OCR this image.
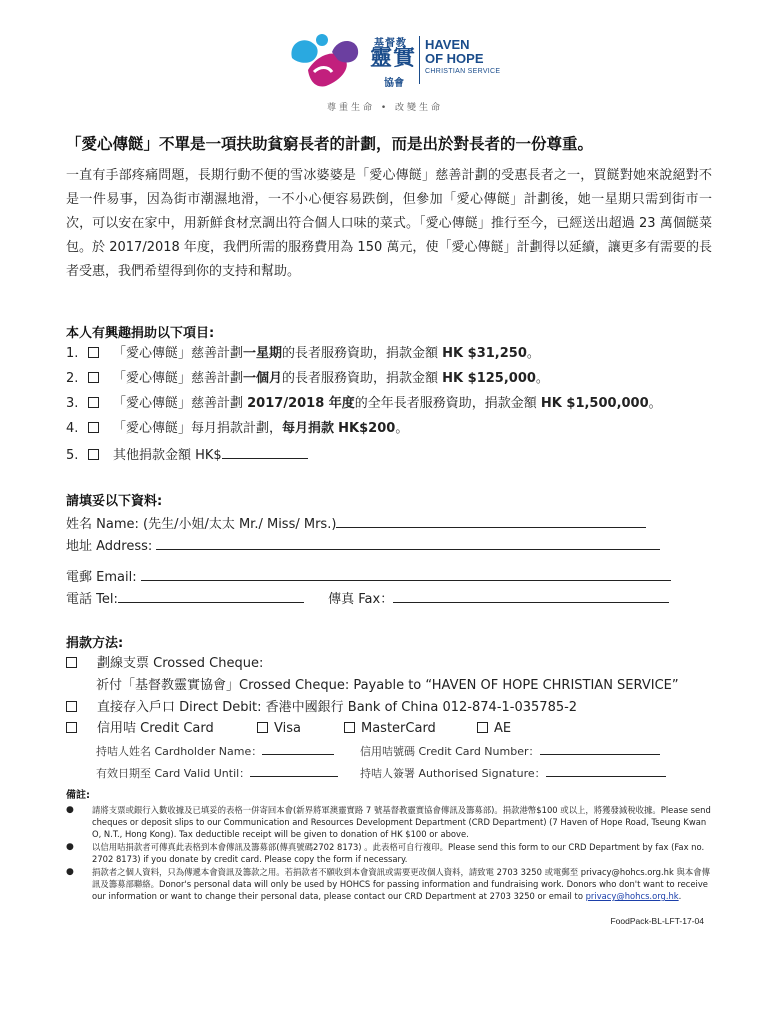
基督教
靈實
協會
HAVEN
OF HOPE
CHRISTIAN SERVICE
尊重生命 • 改變生命
「愛心傳餸」不單是一項扶助貧窮長者的計劃，而是出於對長者的一份尊重。
一直有手部疼痛問題，長期行動不便的雪冰婆婆是「愛心傳餸」慈善計劃的受惠長者之一，買餸對她來說絕對不是一件易事，因為街市潮濕地滑，一不小心便容易跌倒，但參加「愛心傳餸」計劃後，她一星期只需到街市一次，可以安在家中，用新鮮食材烹調出符合個人口味的菜式。「愛心傳餸」推行至今，已經送出超過 23 萬個餸菜包。於 2017/2018 年度，我們所需的服務費用為 150 萬元，使「愛心傳餸」計劃得以延續，讓更多有需要的長者受惠，我們希望得到你的支持和幫助。
本人有興趣捐助以下項目:
1.	「愛心傳餸」慈善計劃一星期的長者服務資助，捐款金額 HK $31,250。
2.	「愛心傳餸」慈善計劃一個月的長者服務資助，捐款金額 HK $125,000。
3.	「愛心傳餸」慈善計劃 2017/2018 年度的全年長者服務資助，捐款金額 HK $1,500,000。
4.	「愛心傳餸」每月捐款計劃，每月捐款 HK$200。
5.	其他捐款金額 HK$
請填妥以下資料:
姓名 Name: (先生/小姐/太太 Mr./ Miss/ Mrs.)
地址 Address:
電郵 Email:
電話 Tel:	傳真 Fax：
捐款方法:
劃線支票 Crossed Cheque:
祈付「基督教靈實協會」Crossed Cheque: Payable to “HAVEN OF HOPE CHRISTIAN SERVICE”
直接存入戶口 Direct Debit: 香港中國銀行 Bank of China 012-874-1-035785-2
信用咭 Credit Card	Visa	MasterCard	AE
持咭人姓名 Cardholder Name：	信用咭號碼 Credit Card Number：
有效日期至 Card Valid Until：	持咭人簽署 Authorised Signature：
備註:
● 請將支票或銀行入數收據及已填妥的表格一併寄回本會(新界將軍澳靈實路 7 號基督教靈實協會傳訊及籌募部)。捐款港幣$100 或以上，將獲發減稅收據。Please send cheques or deposit slips to our Communication and Resources Development Department (CRD Department) (7 Haven of Hope Road, Tseung Kwan O, N.T., Hong Kong). Tax deductible receipt will be given to donation of HK $100 or above.
● 以信用咭捐款者可傳真此表格到本會傳訊及籌募部(傳真號碼2702 8173) 。此表格可自行複印。Please send this form to our CRD Department by fax (Fax no. 2702 8173) if you donate by credit card. Please copy the form if necessary.
● 捐款者之個人資料，只為傳遞本會資訊及籌款之用。若捐款者不願收到本會資訊或需要更改個人資料，請致電 2703 3250 或電郵至 privacy@hohcs.org.hk 與本會傳訊及籌募部聯絡。Donor's personal data will only be used by HOHCS for passing information and fundraising work. Donors who don't want to receive our information or want to change their personal data, please contact our CRD Department at 2703 3250 or email to privacy@hohcs.org.hk.
FoodPack-BL-LFT-17-04
